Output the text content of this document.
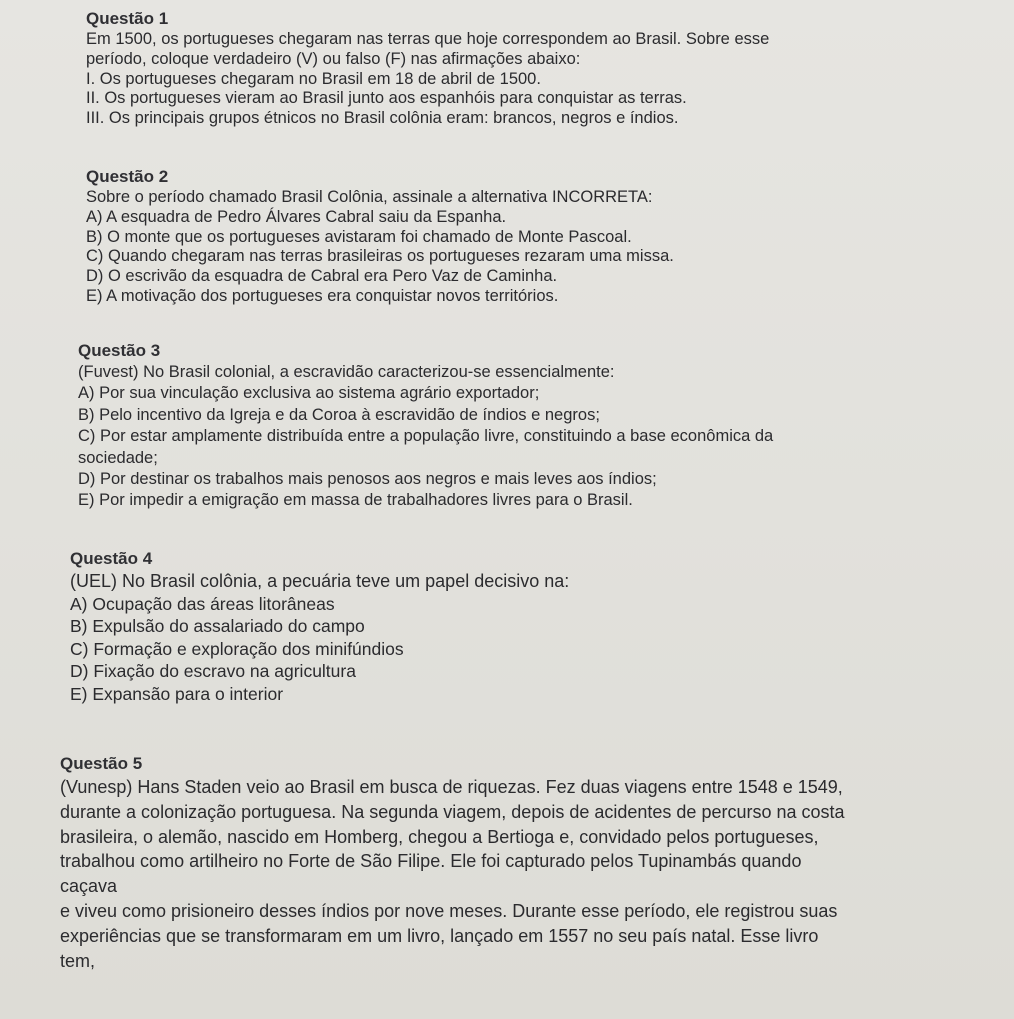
Questão 1
Em 1500, os portugueses chegaram nas terras que hoje correspondem ao Brasil. Sobre esse
período, coloque verdadeiro (V) ou falso (F) nas afirmações abaixo:
I. Os portugueses chegaram no Brasil em 18 de abril de 1500.
II. Os portugueses vieram ao Brasil junto aos espanhóis para conquistar as terras.
III. Os principais grupos étnicos no Brasil colônia eram: brancos, negros e índios.
Questão 2
Sobre o período chamado Brasil Colônia, assinale a alternativa INCORRETA:
A) A esquadra de Pedro Álvares Cabral saiu da Espanha.
B) O monte que os portugueses avistaram foi chamado de Monte Pascoal.
C) Quando chegaram nas terras brasileiras os portugueses rezaram uma missa.
D) O escrivão da esquadra de Cabral era Pero Vaz de Caminha.
E) A motivação dos portugueses era conquistar novos territórios.
Questão 3
(Fuvest) No Brasil colonial, a escravidão caracterizou-se essencialmente:
A) Por sua vinculação exclusiva ao sistema agrário exportador;
B) Pelo incentivo da Igreja e da Coroa à escravidão de índios e negros;
C) Por estar amplamente distribuída entre a população livre, constituindo a base econômica da
sociedade;
D) Por destinar os trabalhos mais penosos aos negros e mais leves aos índios;
E) Por impedir a emigração em massa de trabalhadores livres para o Brasil.
Questão 4
(UEL) No Brasil colônia, a pecuária teve um papel decisivo na:
A) Ocupação das áreas litorâneas
B) Expulsão do assalariado do campo
C) Formação e exploração dos minifúndios
D) Fixação do escravo na agricultura
E) Expansão para o interior
Questão 5
(Vunesp) Hans Staden veio ao Brasil em busca de riquezas. Fez duas viagens entre 1548 e 1549,
durante a colonização portuguesa. Na segunda viagem, depois de acidentes de percurso na costa
brasileira, o alemão, nascido em Homberg, chegou a Bertioga e, convidado pelos portugueses,
trabalhou como artilheiro no Forte de São Filipe. Ele foi capturado pelos Tupinambás quando
caçava
e viveu como prisioneiro desses índios por nove meses. Durante esse período, ele registrou suas
experiências que se transformaram em um livro, lançado em 1557 no seu país natal. Esse livro
tem,
